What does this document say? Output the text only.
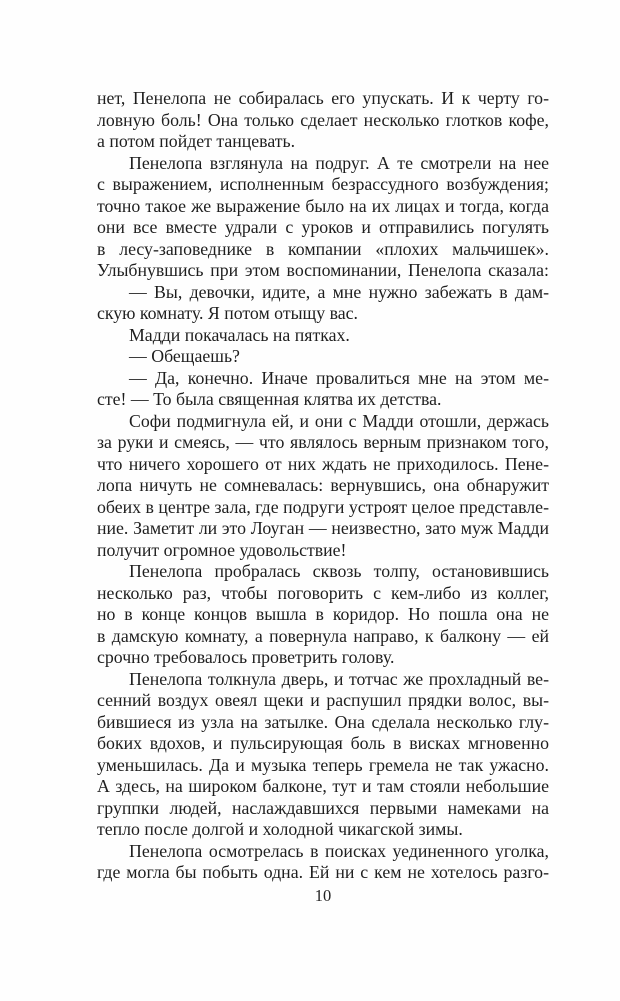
нет, Пенелопа не собиралась его упускать. И к черту го-
ловную боль! Она только сделает несколько глотков кофе,
а потом пойдет танцевать.
Пенелопа взглянула на подруг. А те смотрели на нее
с выражением, исполненным безрассудного возбуждения;
точно такое же выражение было на их лицах и тогда, когда
они все вместе удрали с уроков и отправились погулять
в лесу-заповеднике в компании «плохих мальчишек».
Улыбнувшись при этом воспоминании, Пенелопа сказала:
— Вы, девочки, идите, а мне нужно забежать в дам-
скую комнату. Я потом отыщу вас.
Мадди покачалась на пятках.
— Обещаешь?
— Да, конечно. Иначе провалиться мне на этом ме-
сте! — То была священная клятва их детства.
Софи подмигнула ей, и они с Мадди отошли, держась
за руки и смеясь, — что являлось верным признаком того,
что ничего хорошего от них ждать не приходилось. Пене-
лопа ничуть не сомневалась: вернувшись, она обнаружит
обеих в центре зала, где подруги устроят целое представле-
ние. Заметит ли это Лоуган — неизвестно, зато муж Мадди
получит огромное удовольствие!
Пенелопа пробралась сквозь толпу, остановившись
несколько раз, чтобы поговорить с кем-либо из коллег,
но в конце концов вышла в коридор. Но пошла она не
в дамскую комнату, а повернула направо, к балкону — ей
срочно требовалось проветрить голову.
Пенелопа толкнула дверь, и тотчас же прохладный ве-
сенний воздух овеял щеки и распушил прядки волос, вы-
бившиеся из узла на затылке. Она сделала несколько глу-
боких вдохов, и пульсирующая боль в висках мгновенно
уменьшилась. Да и музыка теперь гремела не так ужасно.
А здесь, на широком балконе, тут и там стояли небольшие
группки людей, наслаждавшихся первыми намеками на
тепло после долгой и холодной чикагской зимы.
Пенелопа осмотрелась в поисках уединенного уголка,
где могла бы побыть одна. Ей ни с кем не хотелось разго-
10
